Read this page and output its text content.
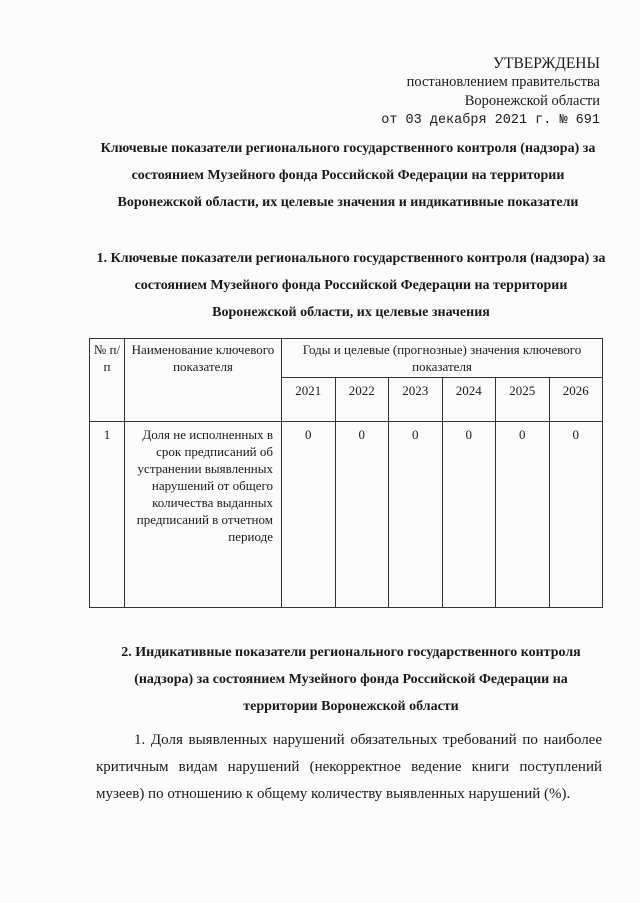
УТВЕРЖДЕНЫ
постановлением правительства
Воронежской области
от 03 декабря 2021 г. № 691
Ключевые показатели регионального государственного контроля (надзора) за состоянием Музейного фонда Российской Федерации на территории Воронежской области, их целевые значения и индикативные показатели
1. Ключевые показатели регионального государственного контроля (надзора) за состоянием Музейного фонда Российской Федерации на территории Воронежской области, их целевые значения
№ п/п	Наименование ключевого показателя	Годы и целевые (прогнозные) значения ключевого показателя					
		2021	2022	2023	2024	2025	2026
1	Доля не исполненных в срок предписаний об устранении выявленных нарушений от общего количества выданных предписаний в отчетном периоде	0	0	0	0	0	0
2. Индикативные показатели регионального государственного контроля (надзора) за состоянием Музейного фонда Российской Федерации на территории Воронежской области
1. Доля выявленных нарушений обязательных требований по наиболее критичным видам нарушений (некорректное ведение книги поступлений музеев) по отношению к общему количеству выявленных нарушений (%).
